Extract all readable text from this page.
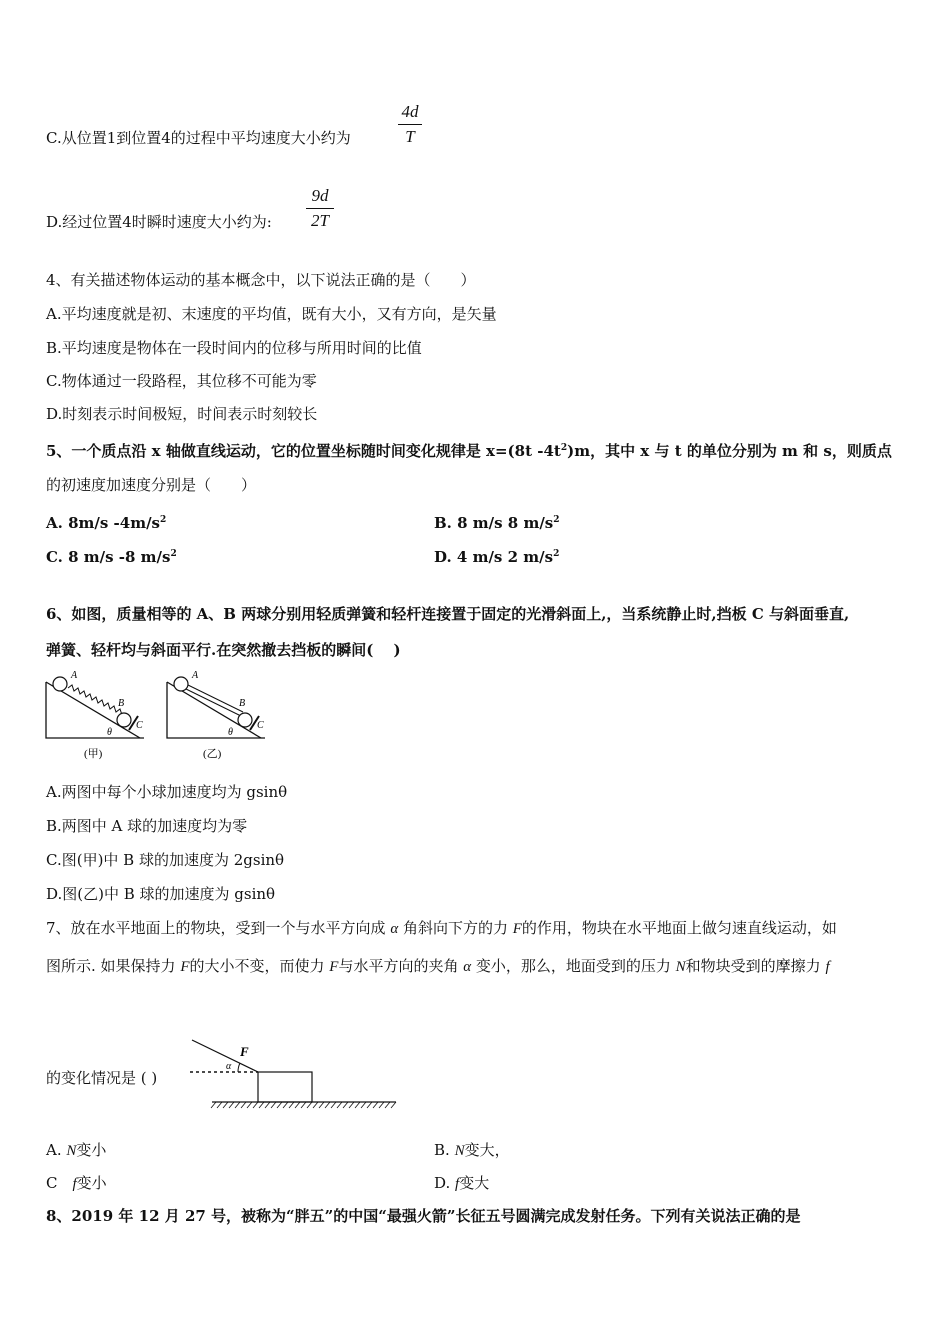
C.从位置1到位置4的过程中平均速度大小约为
4d
T
D.经过位置4时瞬时速度大小约为:
9d
2T
4、有关描述物体运动的基本概念中，以下说法正确的是（　　）
A.平均速度就是初、末速度的平均值，既有大小，又有方向，是矢量
B.平均速度是物体在一段时间内的位移与所用时间的比值
C.物体通过一段路程，其位移不可能为零
D.时刻表示时间极短，时间表示时刻较长
5、一个质点沿 x 轴做直线运动，它的位置坐标随时间变化规律是 x=(8t $-4t^2)m$，其中 x 与 t 的单位分别为 m 和 s，则质点
的初速度加速度分别是（　　）
A. 8m/s $-4m/s^2$	B. 8 m/s 8 $m/s^2$
C. 8 m/s -8 $m/s^2$	D. 4 m/s 2 $m/s^2$
6、如图，质量相等的 A、B 两球分别用轻质弹簧和轻杆连接置于固定的光滑斜面上,，当系统静止时,挡板 C 与斜面垂直,
弹簧、轻杆均与斜面平行.在突然撤去挡板的瞬间(　 )
A
B
C
θ
(甲)
A
B
C
θ
(乙)
A.两图中每个小球加速度均为 gsinθ
B.两图中 A 球的加速度均为零
C.图(甲)中 B 球的加速度为 2gsinθ
D.图(乙)中 B 球的加速度为 gsinθ
7、放在水平地面上的物块，受到一个与水平方向成 α 角斜向下方的力 F的作用，物块在水平地面上做匀速直线运动，如
图所示. 如果保持力 F的大小不变，而使力 F与水平方向的夹角 α 变小，那么，地面受到的压力 N和物块受到的摩擦力 f
的变化情况是 ( )
F
α
A. N变小	B. N变大，
C　f变小	D. f变大
8、2019 年 12 月 27 号，被称为“胖五”的中国“最强火箭”长征五号圆满完成发射任务。下列有关说法正确的是
